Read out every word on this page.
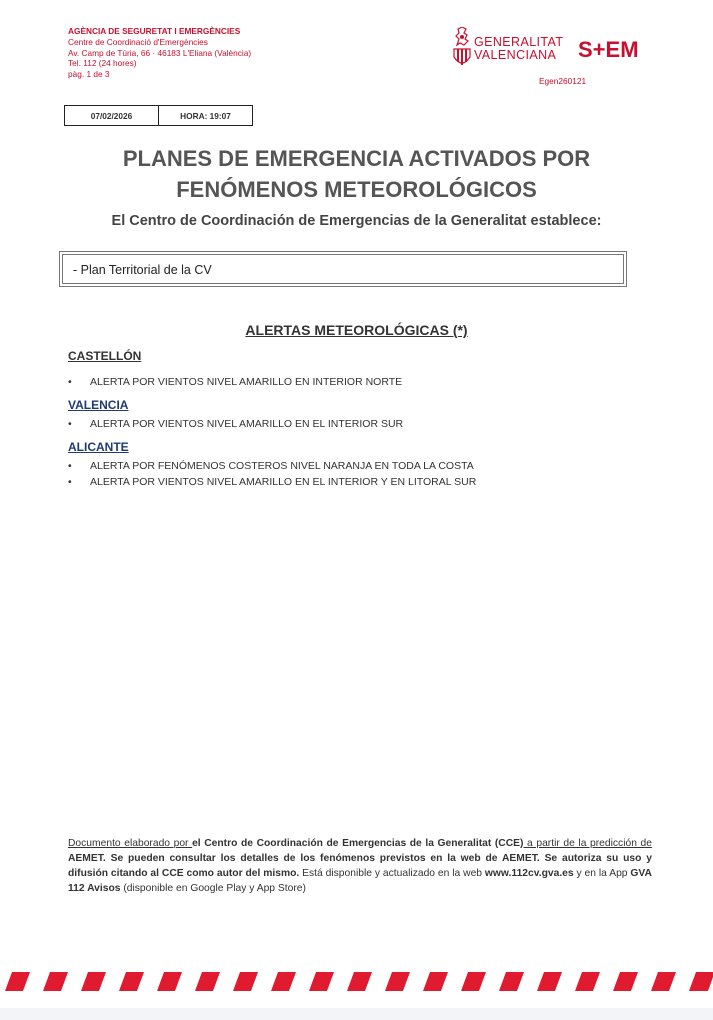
AGÈNCIA DE SEGURETAT I EMERGÈNCIES
Centre de Coordinació d'Emergències
Av. Camp de Túria, 66 · 46183 L'Eliana (València)
Tel. 112 (24 hores)
pàg. 1 de 3
GENERALITAT
VALENCIANA S+EM
Egen260121
07/02/2026	HORA: 19:07
PLANES DE EMERGENCIA ACTIVADOS POR
FENÓMENOS METEOROLÓGICOS
El Centro de Coordinación de Emergencias de la Generalitat establece:
- Plan Territorial de la CV
ALERTAS METEOROLÓGICAS (*)
CASTELLÓN
• ALERTA POR VIENTOS NIVEL AMARILLO EN INTERIOR NORTE
VALENCIA
• ALERTA POR VIENTOS NIVEL AMARILLO EN EL INTERIOR SUR
ALICANTE
• ALERTA POR FENÓMENOS COSTEROS NIVEL NARANJA EN TODA LA COSTA
• ALERTA POR VIENTOS NIVEL AMARILLO EN EL INTERIOR Y EN LITORAL SUR
Documento elaborado por el Centro de Coordinación de Emergencias de la Generalitat (CCE) a partir de la predicción de AEMET. Se pueden consultar los detalles de los fenómenos previstos en la web de AEMET. Se autoriza su uso y difusión citando al CCE como autor del mismo. Está disponible y actualizado en la web www.112cv.gva.es y en la App GVA 112 Avisos (disponible en Google Play y App Store)
